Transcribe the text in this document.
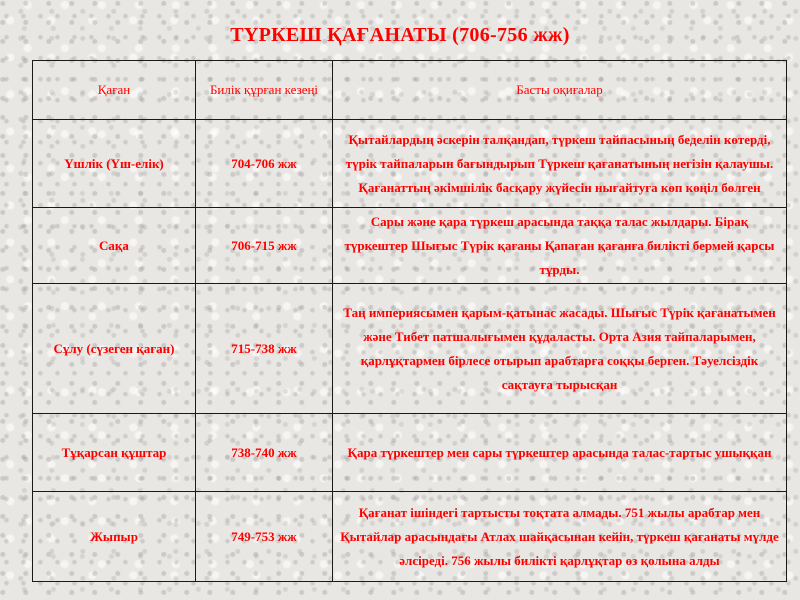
ТҮРКЕШ ҚАҒАНАТЫ (706-756 жж)
Қаған	Билік құрған кезеңі	Басты оқиғалар
Үшлік (Үш-елік)	704-706 жж	Қытайлардың әскерін талқандап, түркеш тайпасының беделін көтерді, түрік тайпаларын бағындырып Түркеш қағанатының негізін қалаушы. Қағанаттың әкімшілік басқару жүйесін нығайтуға көп көңіл бөлген
Сақа	706-715 жж	Сары және қара түркеш арасында таққа талас жылдары. Бірақ түркештер Шығыс Түрік қағаны Қапаған қағанға билікті бермей қарсы тұрды.
Сұлу (сүзеген қаған)	715-738 жж	Таң империясымен қарым-қатынас жасады. Шығыс Түрік қағанатымен және Тибет патшалығымен құдаласты. Орта Азия тайпаларымен, қарлұқтармен бірлесе отырып арабтарға соққы берген. Тәуелсіздік сақтауға тырысқан
Тұқарсан құштар	738-740 жж	Қара түркештер мен сары түркештер арасында талас-тартыс ушыққан
Жыпыр	749-753 жж	Қағанат ішіндегі тартысты тоқтата алмады. 751 жылы арабтар мен Қытайлар арасындағы Атлах шайқасынан кейін, түркеш қағанаты мүлде әлсіреді. 756 жылы билікті қарлұқтар өз қолына алды
